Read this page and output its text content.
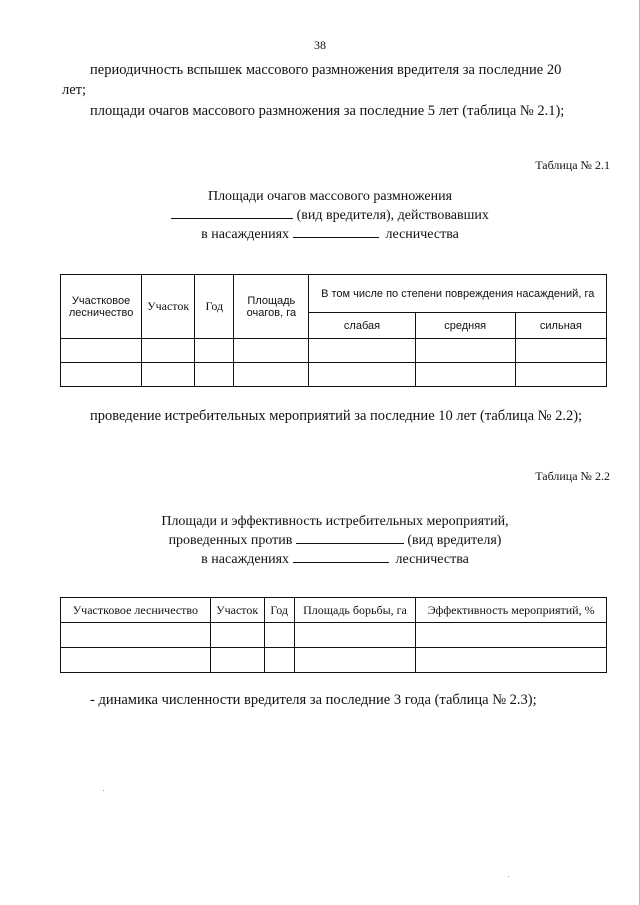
38
периодичность вспышек массового размножения вредителя за последние 20
лет;
площади очагов массового размножения за последние 5 лет (таблица № 2.1);
Таблица № 2.1
Площади очагов массового размножения
(вид вредителя), действовавших
в насаждениях	лесничества
Участковое лесничество	Участок	Год	Площадь очагов, га	В том числе по степени повреждения насаждений, га		
				слабая	средняя	сильная

проведение истребительных мероприятий за последние 10 лет (таблица № 2.2);
Таблица № 2.2
Площади и эффективность истребительных мероприятий,
проведенных против	(вид вредителя)
в насаждениях	лесничества
Участковое лесничество	Участок	Год	Площадь борьбы, га	Эффективность мероприятий, %

- динамика численности вредителя за последние 3 года (таблица № 2.3);
